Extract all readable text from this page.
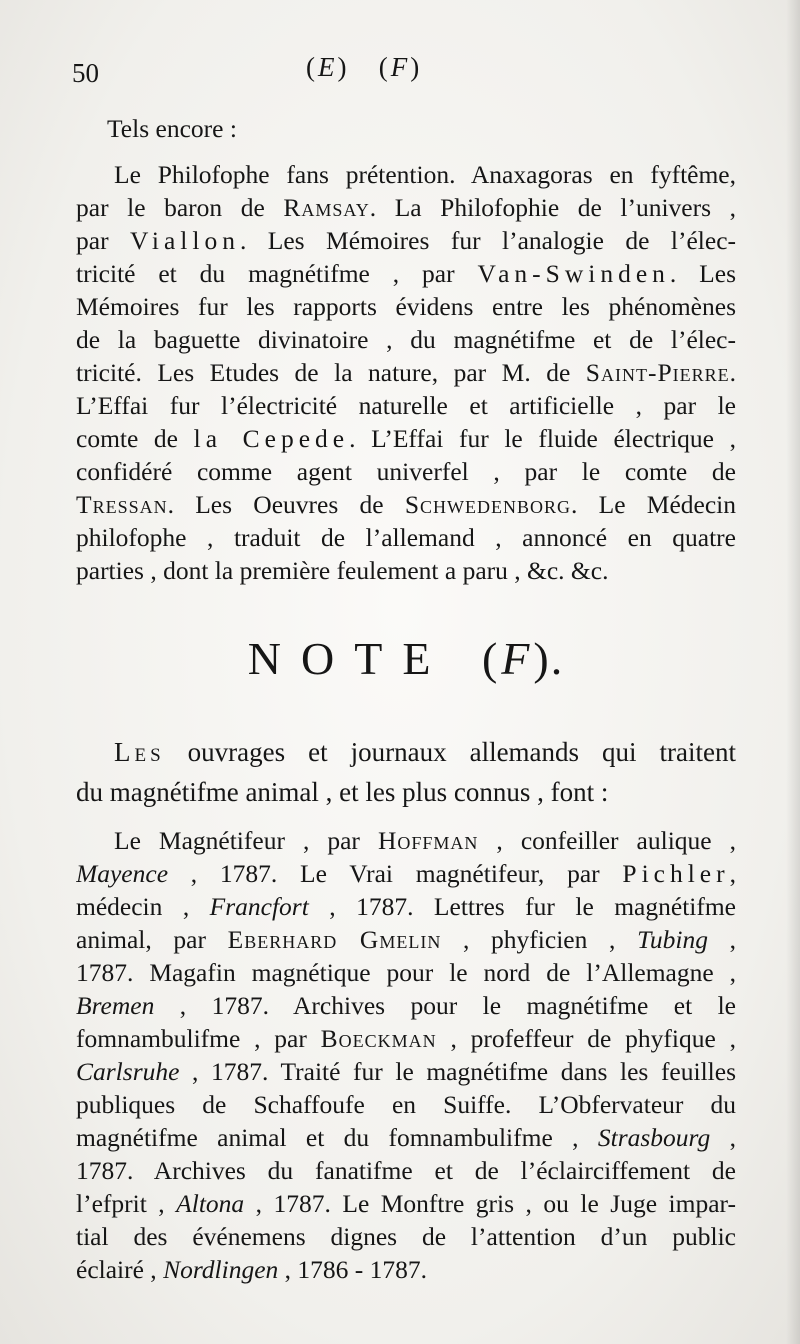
50	(E)   (F)
Tels encore :
Le Philofophe fans prétention. Anaxagoras en fyftême,
par le baron de Ramsay. La Philofophie de l’univers ,
par Viallon. Les Mémoires fur l’analogie de l’élec-
tricité et du magnétifme , par Van-Swinden. Les
Mémoires fur les rapports évidens entre les phénomènes
de la baguette divinatoire , du magnétifme et de l’élec-
tricité. Les Etudes de la nature, par M. de Saint-Pierre.
L’Effai fur l’électricité naturelle et artificielle , par le
comte de la Cepede. L’Effai fur le fluide électrique ,
confidéré comme agent univerfel , par le comte de
Tressan. Les Oeuvres de Schwedenborg. Le Médecin
philofophe , traduit de l’allemand , annoncé en quatre
parties , dont la première feulement a paru , &c. &c.
NOTE (F).
Les ouvrages et journaux allemands qui traitent
du magnétifme animal , et les plus connus , font :
Le Magnétifeur , par Hoffman , confeiller aulique ,
Mayence , 1787. Le Vrai magnétifeur, par Pichler,
médecin , Francfort , 1787. Lettres fur le magnétifme
animal, par Eberhard Gmelin , phyficien , Tubing ,
1787. Magafin magnétique pour le nord de l’Allemagne ,
Bremen , 1787. Archives pour le magnétifme et le
fomnambulifme , par Boeckman , profeffeur de phyfique ,
Carlsruhe , 1787. Traité fur le magnétifme dans les feuilles
publiques de Schaffoufe en Suiffe. L’Obfervateur du
magnétifme animal et du fomnambulifme , Strasbourg ,
1787. Archives du fanatifme et de l’éclairciffement de
l’efprit , Altona , 1787. Le Monftre gris , ou le Juge impar-
tial des événemens dignes de l’attention d’un public
éclairé , Nordlingen , 1786 - 1787.
